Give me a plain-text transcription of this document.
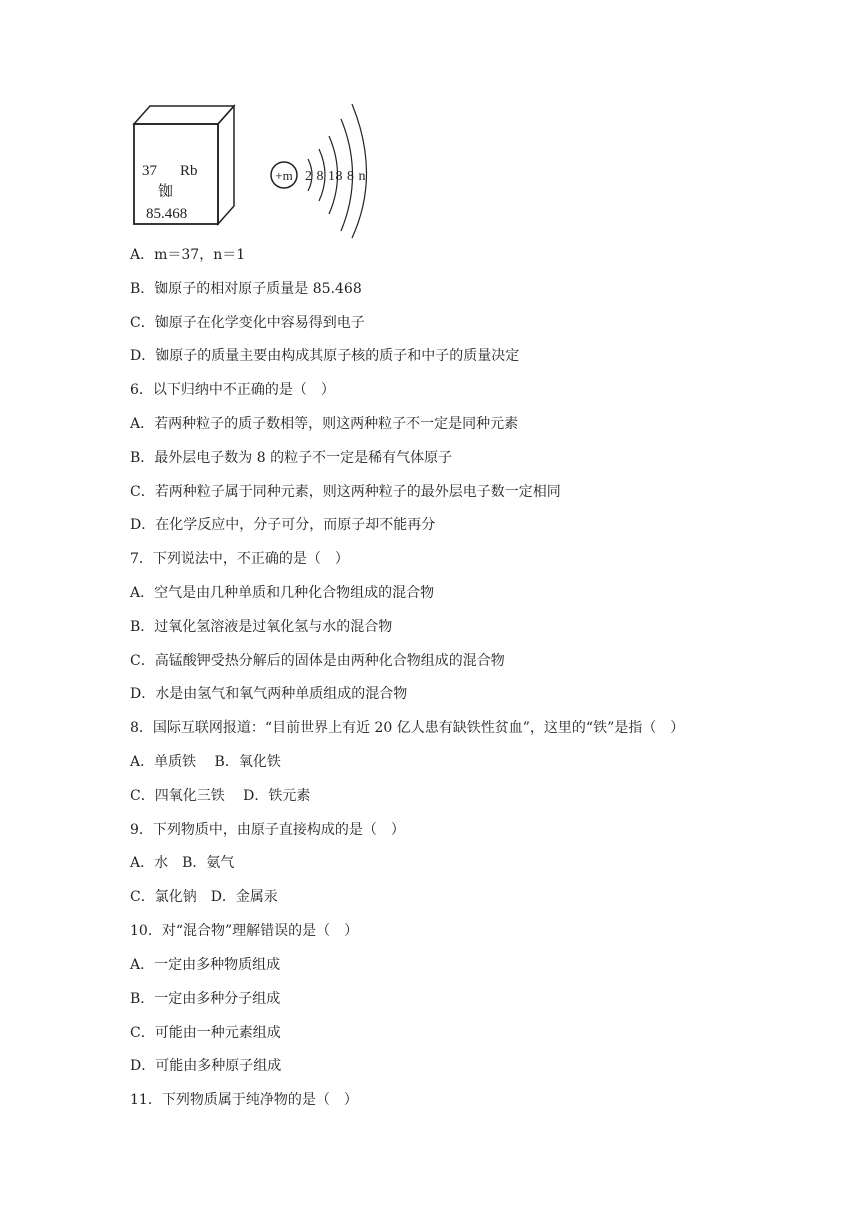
37 Rb
铷
85.468
+m 2 8 18 8 n
A．m＝37，n＝1
B．铷原子的相对原子质量是 85.468
C．铷原子在化学变化中容易得到电子
D．铷原子的质量主要由构成其原子核的质子和中子的质量决定
6．以下归纳中不正确的是（　）
A．若两种粒子的质子数相等，则这两种粒子不一定是同种元素
B．最外层电子数为 8 的粒子不一定是稀有气体原子
C．若两种粒子属于同种元素，则这两种粒子的最外层电子数一定相同
D．在化学反应中，分子可分，而原子却不能再分
7．下列说法中，不正确的是（　）
A．空气是由几种单质和几种化合物组成的混合物
B．过氧化氢溶液是过氧化氢与水的混合物
C．高锰酸钾受热分解后的固体是由两种化合物组成的混合物
D．水是由氢气和氧气两种单质组成的混合物
8．国际互联网报道：“目前世界上有近 20 亿人患有缺铁性贫血”，这里的“铁”是指（　）
A．单质铁　 B．氧化铁
C．四氧化三铁　 D．铁元素
9．下列物质中，由原子直接构成的是（　）
A．水　B．氨气
C．氯化钠　D．金属汞
10．对“混合物”理解错误的是（　）
A．一定由多种物质组成
B．一定由多种分子组成
C．可能由一种元素组成
D．可能由多种原子组成
11．下列物质属于纯净物的是（　）
